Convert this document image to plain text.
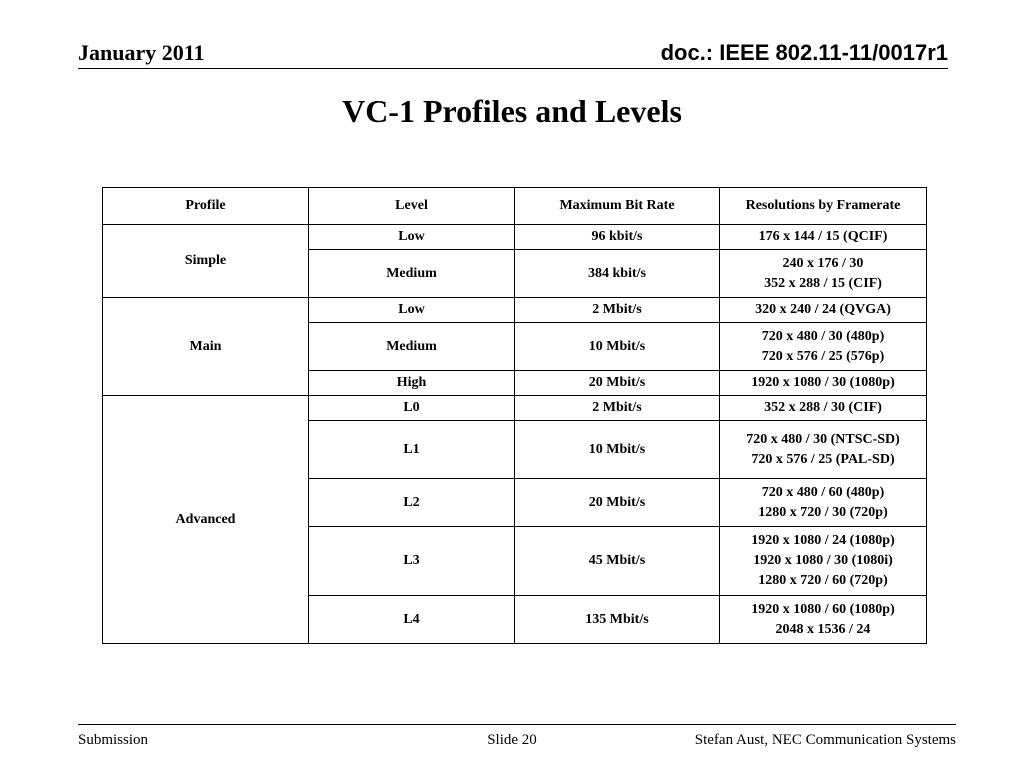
January 2011	doc.: IEEE 802.11-11/0017r1
VC-1 Profiles and Levels
Profile	Level	Maximum Bit Rate	Resolutions by Framerate
Simple	Low	96 kbit/s	176 x 144 / 15 (QCIF)

	Medium	384 kbit/s	240 x 176 / 30
352 x 288 / 15 (CIF)

Main	Low	2 Mbit/s	320 x 240 / 24 (QVGA)

	Medium	10 Mbit/s	720 x 480 / 30 (480p)
720 x 576 / 25 (576p)

	High	20 Mbit/s	1920 x 1080 / 30 (1080p)

Advanced	L0	2 Mbit/s	352 x 288 / 30 (CIF)

	L1	10 Mbit/s	720 x 480 / 30 (NTSC-SD)
720 x 576 / 25 (PAL-SD)

	L2	20 Mbit/s	720 x 480 / 60 (480p)
1280 x 720 / 30 (720p)

	L3	45 Mbit/s	1920 x 1080 / 24 (1080p)
1920 x 1080 / 30 (1080i)
1280 x 720 / 60 (720p)

	L4	135 Mbit/s	1920 x 1080 / 60 (1080p)
2048 x 1536 / 24
Submission	Slide 20	Stefan Aust, NEC Communication Systems
